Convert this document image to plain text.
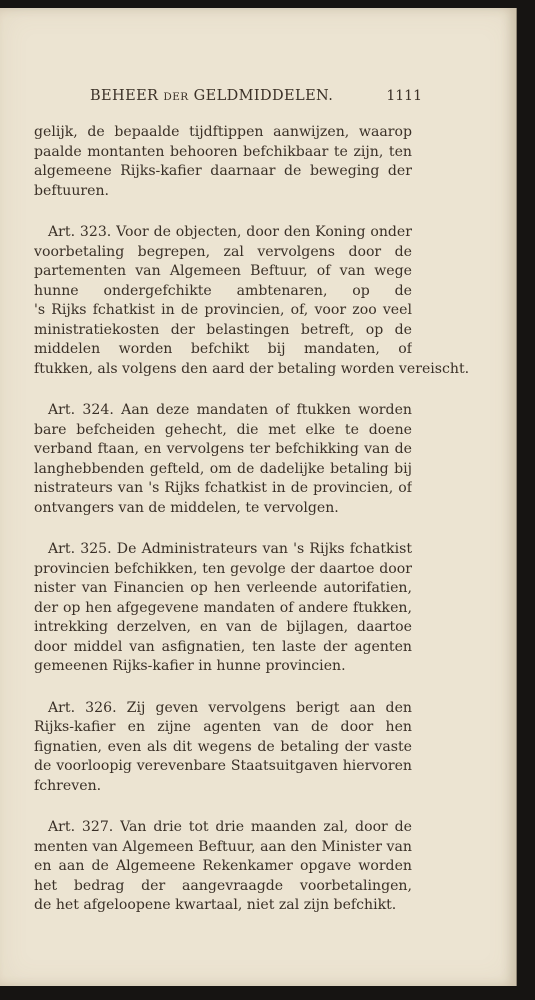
BEHEER DER GELDMIDDELEN.	1111
gelijk, de bepaalde tijdftippen aanwijzen, waarop
paalde montanten behooren befchikbaar te zijn, ten
algemeene Rijks-kafier daarnaar de beweging der
beftuuren.
Art. 323. Voor de objecten, door den Koning onder
voorbetaling begrepen, zal vervolgens door de
partementen van Algemeen Beftuur, of van wege
hunne ondergefchikte ambtenaren, op de
's Rijks fchatkist in de provincien, of, voor zoo veel
ministratiekosten der belastingen betreft, op de
middelen worden befchikt bij mandaten, of
ftukken, als volgens den aard der betaling worden vereischt.
Art. 324. Aan deze mandaten of ftukken worden
bare befcheiden gehecht, die met elke te doene
verband ftaan, en vervolgens ter befchikking van de
langhebbenden gefteld, om de dadelijke betaling bij
nistrateurs van 's Rijks fchatkist in de provincien, of
ontvangers van de middelen, te vervolgen.
Art. 325. De Administrateurs van 's Rijks fchatkist
provincien befchikken, ten gevolge der daartoe door
nister van Financien op hen verleende autorifatien,
der op hen afgegevene mandaten of andere ftukken,
intrekking derzelven, en van de bijlagen, daartoe
door middel van asfignatien, ten laste der agenten
gemeenen Rijks-kafier in hunne provincien.
Art. 326. Zij geven vervolgens berigt aan den
Rijks-kafier en zijne agenten van de door hen
fignatien, even als dit wegens de betaling der vaste
de voorloopig verevenbare Staatsuitgaven hiervoren
fchreven.
Art. 327. Van drie tot drie maanden zal, door de
menten van Algemeen Beftuur, aan den Minister van
en aan de Algemeene Rekenkamer opgave worden
het bedrag der aangevraagde voorbetalingen,
de het afgeloopene kwartaal, niet zal zijn befchikt.
